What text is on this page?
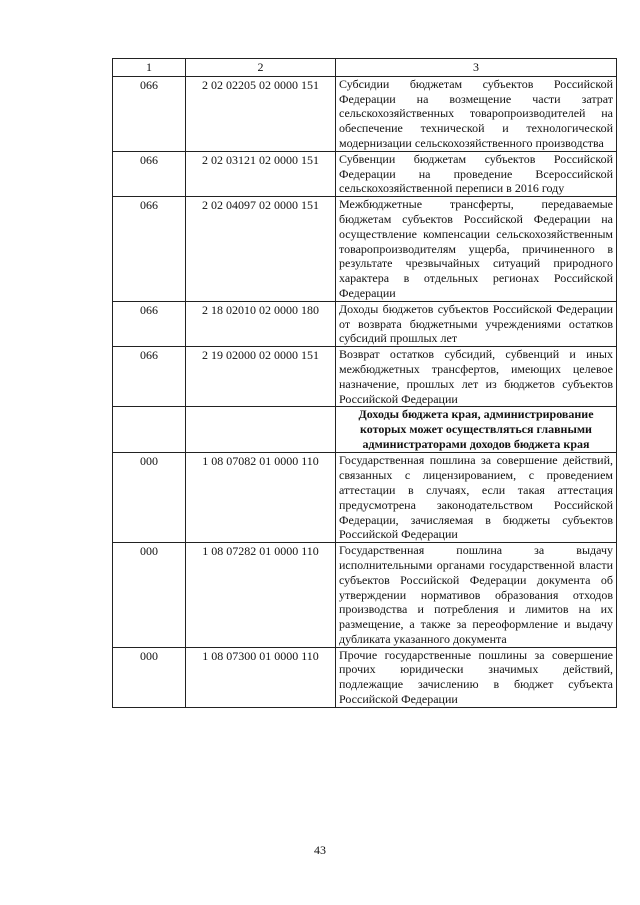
1	2	3
066	2 02 02205 02 0000 151	Субсидии бюджетам субъектов Российской Федерации на возмещение части затрат сельскохозяйственных товаропроизводителей на обеспечение технической и технологической модернизации сельскохозяйственного производства
066	2 02 03121 02 0000 151	Субвенции бюджетам субъектов Российской Федерации на проведение Всероссийской сельскохозяйственной переписи в 2016 году
066	2 02 04097 02 0000 151	Межбюджетные трансферты, передаваемые бюджетам субъектов Российской Федерации на осуществление компенсации сельскохозяйственным товаропроизводителям ущерба, причиненного в результате чрезвычайных ситуаций природного характера в отдельных регионах Российской Федерации
066	2 18 02010 02 0000 180	Доходы бюджетов субъектов Российской Федерации от возврата бюджетными учреждениями остатков субсидий прошлых лет
066	2 19 02000 02 0000 151	Возврат остатков субсидий, субвенций и иных межбюджетных трансфертов, имеющих целевое назначение, прошлых лет из бюджетов субъектов Российской Федерации
		Доходы бюджета края, администрирование которых может осуществляться главными администраторами доходов бюджета края
000	1 08 07082 01 0000 110	Государственная пошлина за совершение действий, связанных с лицензированием, с проведением аттестации в случаях, если такая аттестация предусмотрена законодательством Российской Федерации, зачисляемая в бюджеты субъектов Российской Федерации
000	1 08 07282 01 0000 110	Государственная пошлина за выдачу исполнительными органами государственной власти субъектов Российской Федерации документа об утверждении нормативов образования отходов производства и потребления и лимитов на их размещение, а также за переоформление и выдачу дубликата указанного документа
000	1 08 07300 01 0000 110	Прочие государственные пошлины за совершение прочих юридически значимых действий, подлежащие зачислению в бюджет субъекта Российской Федерации
43
